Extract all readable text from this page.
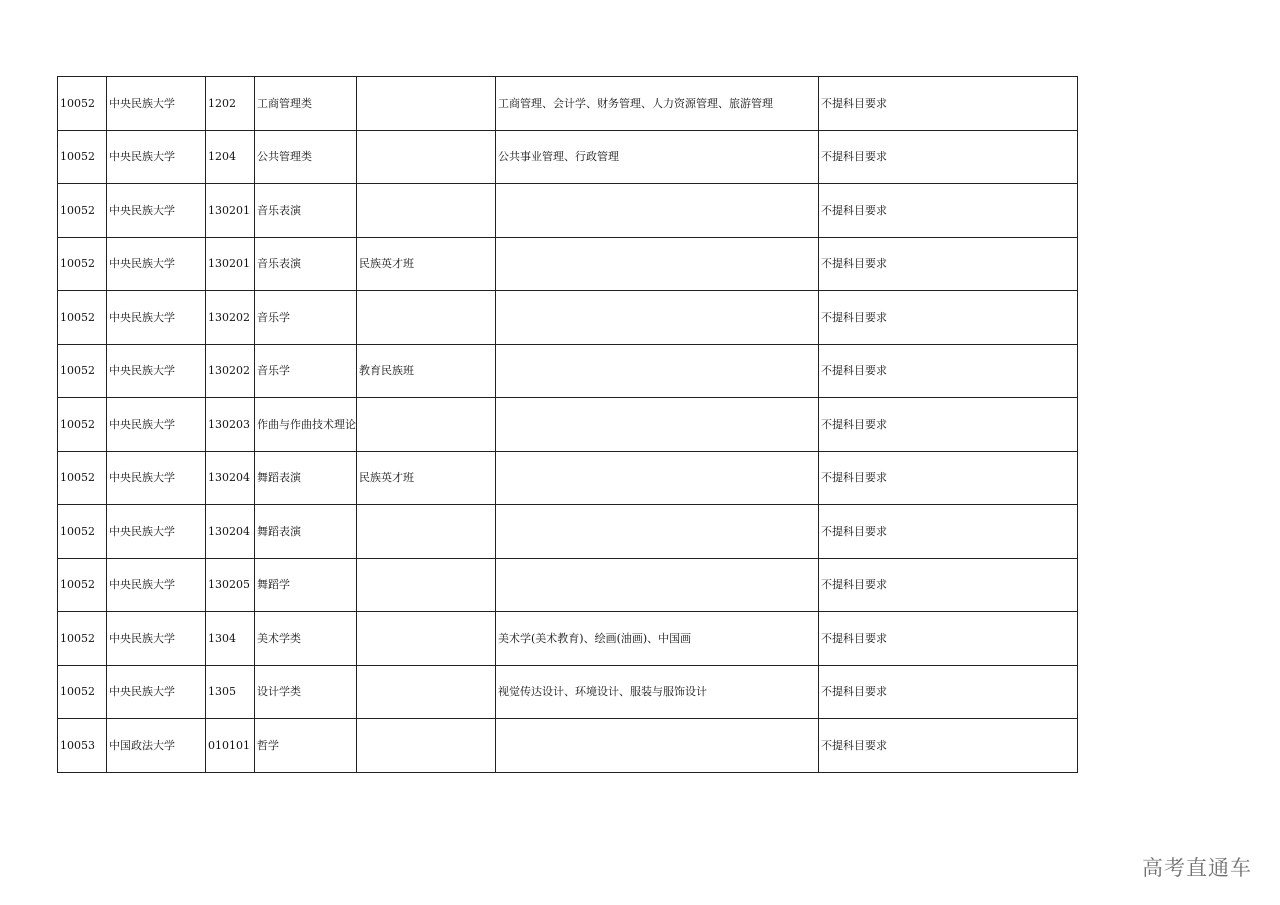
10052	中央民族大学	1202	工商管理类		工商管理、会计学、财务管理、人力资源管理、旅游管理	不提科目要求
10052	中央民族大学	1204	公共管理类		公共事业管理、行政管理	不提科目要求
10052	中央民族大学	130201	音乐表演			不提科目要求
10052	中央民族大学	130201	音乐表演	民族英才班		不提科目要求
10052	中央民族大学	130202	音乐学			不提科目要求
10052	中央民族大学	130202	音乐学	教育民族班		不提科目要求
10052	中央民族大学	130203	作曲与作曲技术理论			不提科目要求
10052	中央民族大学	130204	舞蹈表演	民族英才班		不提科目要求
10052	中央民族大学	130204	舞蹈表演			不提科目要求
10052	中央民族大学	130205	舞蹈学			不提科目要求
10052	中央民族大学	1304	美术学类		美术学(美术教育)、绘画(油画)、中国画	不提科目要求
10052	中央民族大学	1305	设计学类		视觉传达设计、环境设计、服装与服饰设计	不提科目要求
10053	中国政法大学	010101	哲学			不提科目要求
高考直通车
